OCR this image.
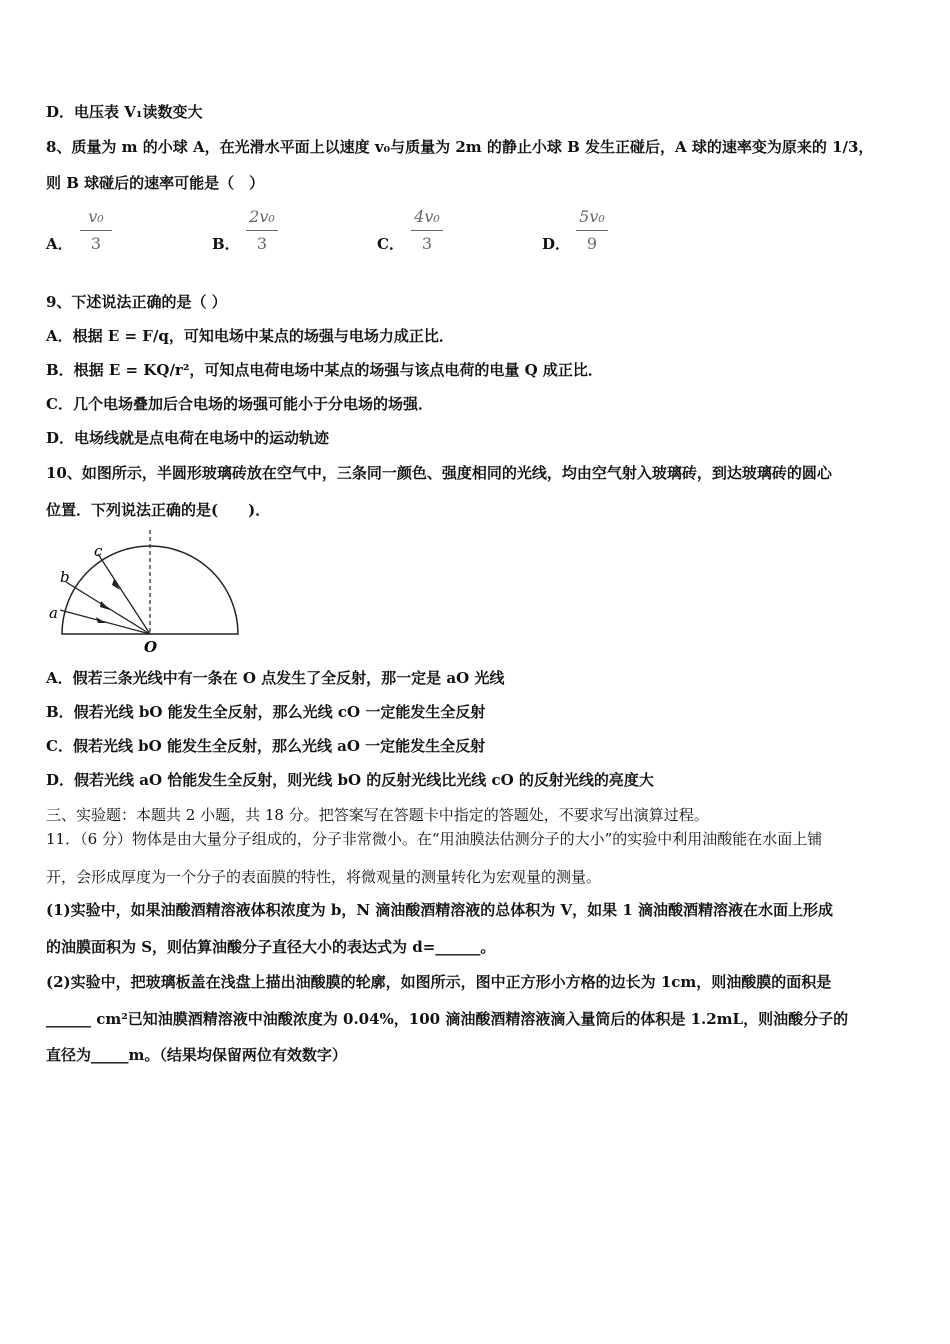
D．电压表 V₁读数变大
8、质量为 m 的小球 A，在光滑水平面上以速度 v₀与质量为 2m 的静止小球 B 发生正碰后，A 球的速率变为原来的 1/3，
则 B 球碰后的速率可能是（　）
A．
v₀
3	B．
2v₀
3	C．
4v₀
3	D．
5v₀
9
9、下述说法正确的是（ ）
A．根据 E = F/q，可知电场中某点的场强与电场力成正比．
B．根据 E = KQ/r²，可知点电荷电场中某点的场强与该点电荷的电量 Q 成正比．
C．几个电场叠加后合电场的场强可能小于分电场的场强．
D．电场线就是点电荷在电场中的运动轨迹
10、如图所示，半圆形玻璃砖放在空气中，三条同一颜色、强度相同的光线，均由空气射入玻璃砖，到达玻璃砖的圆心
位置．下列说法正确的是(　　)．
a
b
c
O
A．假若三条光线中有一条在 O 点发生了全反射，那一定是 aO 光线
B．假若光线 bO 能发生全反射，那么光线 cO 一定能发生全反射
C．假若光线 bO 能发生全反射，那么光线 aO 一定能发生全反射
D．假若光线 aO 恰能发生全反射，则光线 bO 的反射光线比光线 cO 的反射光线的亮度大
三、实验题：本题共 2 小题，共 18 分。把答案写在答题卡中指定的答题处，不要求写出演算过程。
11．（6 分）物体是由大量分子组成的，分子非常微小。在“用油膜法估测分子的大小”的实验中利用油酸能在水面上铺
开，会形成厚度为一个分子的表面膜的特性，将微观量的测量转化为宏观量的测量。
(1)实验中，如果油酸酒精溶液体积浓度为 b，N 滴油酸酒精溶液的总体积为 V，如果 1 滴油酸酒精溶液在水面上形成
的油膜面积为 S，则估算油酸分子直径大小的表达式为 d=______。
(2)实验中，把玻璃板盖在浅盘上描出油酸膜的轮廓，如图所示，图中正方形小方格的边长为 1cm，则油酸膜的面积是
______ cm²已知油膜酒精溶液中油酸浓度为 0.04%，100 滴油酸酒精溶液滴入量筒后的体积是 1.2mL，则油酸分子的
直径为_____m。（结果均保留两位有效数字）
